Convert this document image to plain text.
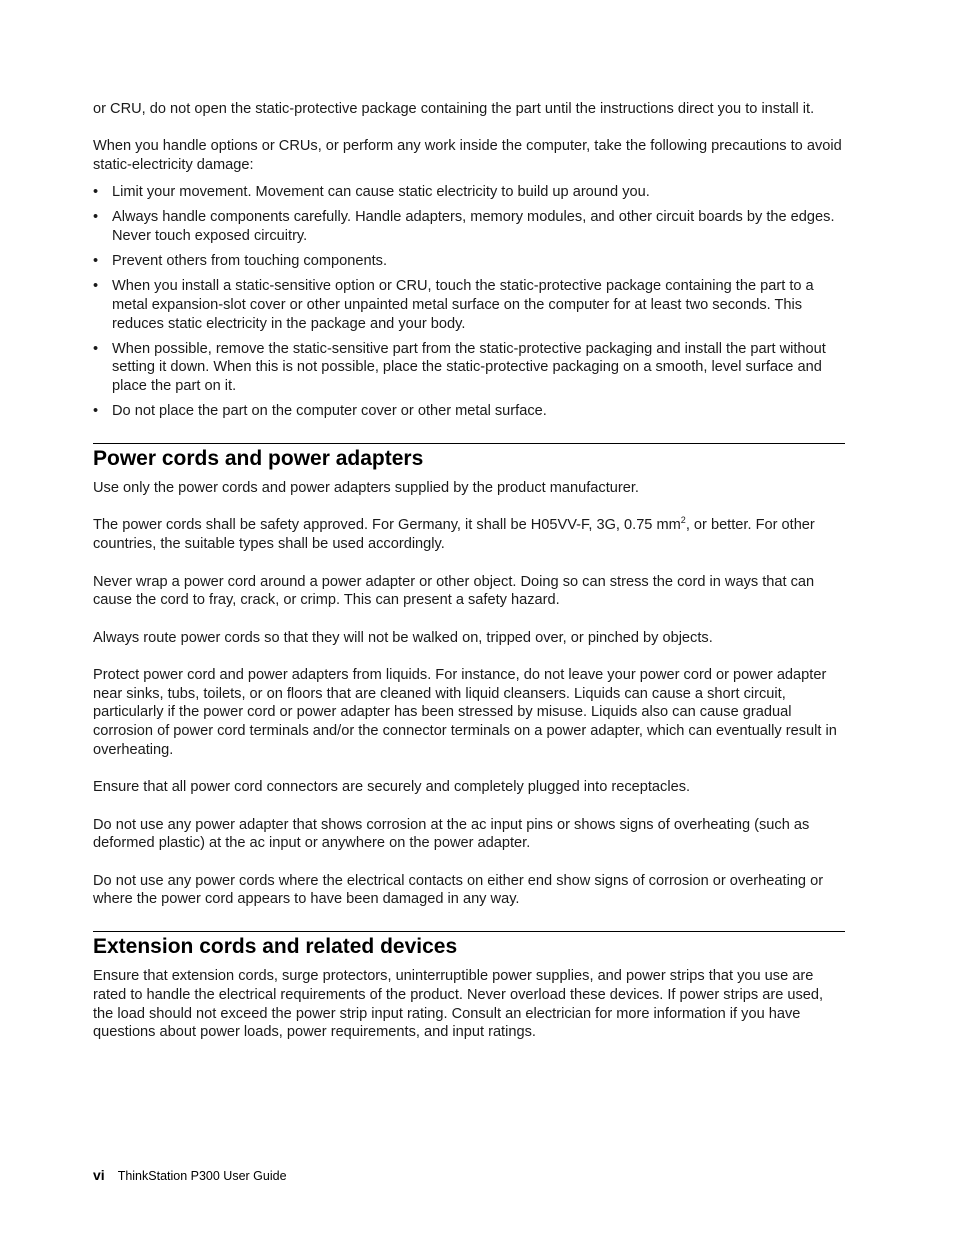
or CRU, do not open the static-protective package containing the part until the instructions direct you to install it.

When you handle options or CRUs, or perform any work inside the computer, take the following precautions to avoid static-electricity damage:

• Limit your movement. Movement can cause static electricity to build up around you.
• Always handle components carefully. Handle adapters, memory modules, and other circuit boards by the edges. Never touch exposed circuitry.
• Prevent others from touching components.
• When you install a static-sensitive option or CRU, touch the static-protective package containing the part to a metal expansion-slot cover or other unpainted metal surface on the computer for at least two seconds. This reduces static electricity in the package and your body.
• When possible, remove the static-sensitive part from the static-protective packaging and install the part without setting it down. When this is not possible, place the static-protective packaging on a smooth, level surface and place the part on it.
• Do not place the part on the computer cover or other metal surface.
Power cords and power adapters

Use only the power cords and power adapters supplied by the product manufacturer.

The power cords shall be safety approved. For Germany, it shall be H05VV-F, 3G, 0.75 $mm^2$, or better. For other countries, the suitable types shall be used accordingly.

Never wrap a power cord around a power adapter or other object. Doing so can stress the cord in ways that can cause the cord to fray, crack, or crimp. This can present a safety hazard.

Always route power cords so that they will not be walked on, tripped over, or pinched by objects.

Protect power cord and power adapters from liquids. For instance, do not leave your power cord or power adapter near sinks, tubs, toilets, or on floors that are cleaned with liquid cleansers. Liquids can cause a short circuit, particularly if the power cord or power adapter has been stressed by misuse. Liquids also can cause gradual corrosion of power cord terminals and/or the connector terminals on a power adapter, which can eventually result in overheating.

Ensure that all power cord connectors are securely and completely plugged into receptacles.

Do not use any power adapter that shows corrosion at the ac input pins or shows signs of overheating (such as deformed plastic) at the ac input or anywhere on the power adapter.

Do not use any power cords where the electrical contacts on either end show signs of corrosion or overheating or where the power cord appears to have been damaged in any way.

Extension cords and related devices

Ensure that extension cords, surge protectors, uninterruptible power supplies, and power strips that you use are rated to handle the electrical requirements of the product. Never overload these devices. If power strips are used, the load should not exceed the power strip input rating. Consult an electrician for more information if you have questions about power loads, power requirements, and input ratings.

vi ThinkStation P300 User Guide
